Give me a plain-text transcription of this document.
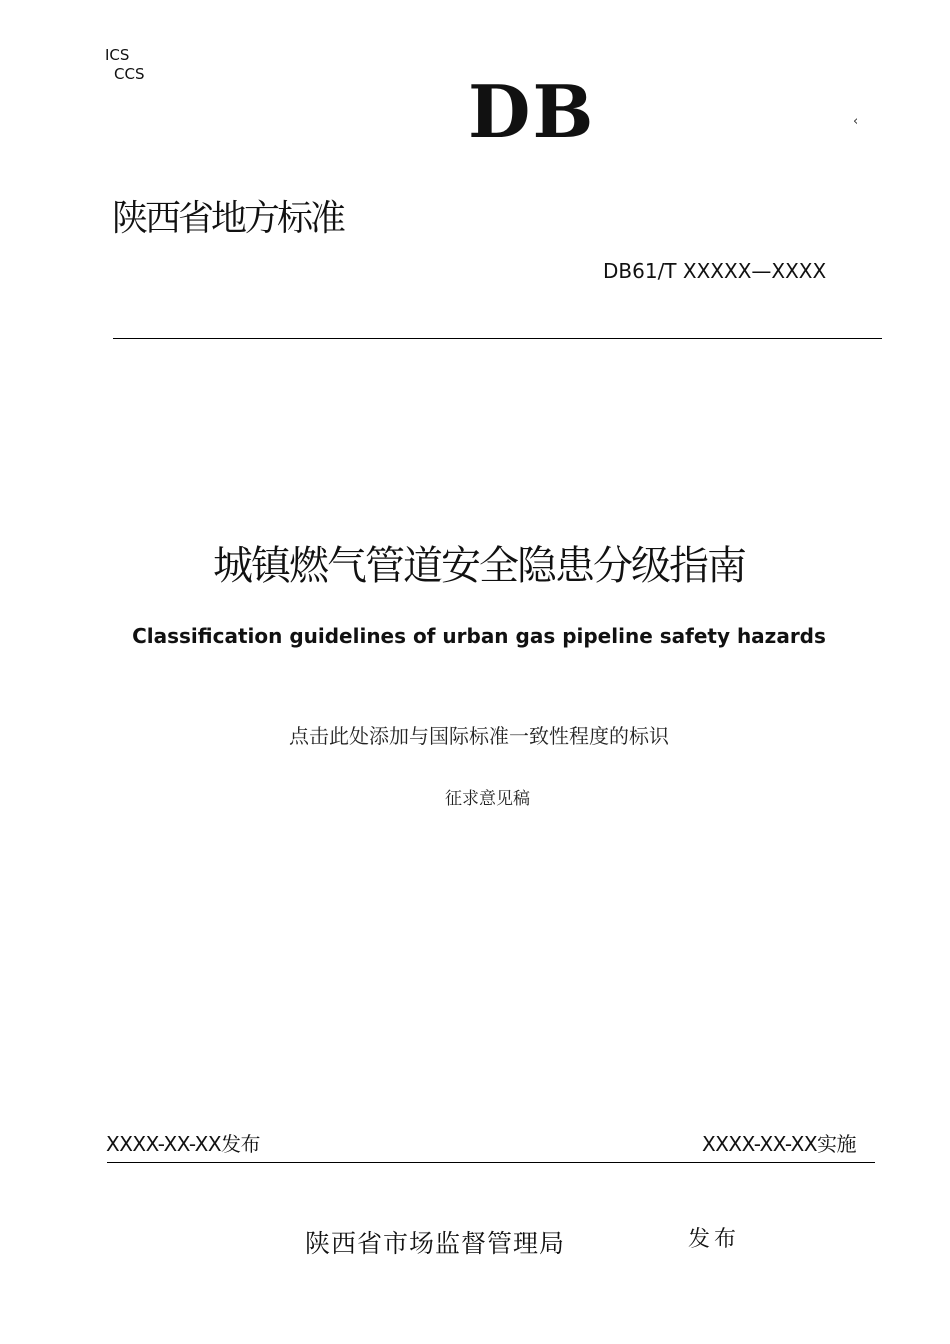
ICS
CCS	DB	‹
陕西省地方标准
DB61/T XXXXX—XXXX
城镇燃气管道安全隐患分级指南
Classification guidelines of urban gas pipeline safety hazards
点击此处添加与国际标准一致性程度的标识
征求意见稿
XXXX-XX-XX发布	XXXX-XX-XX实施
陕西省市场监督管理局	发布
